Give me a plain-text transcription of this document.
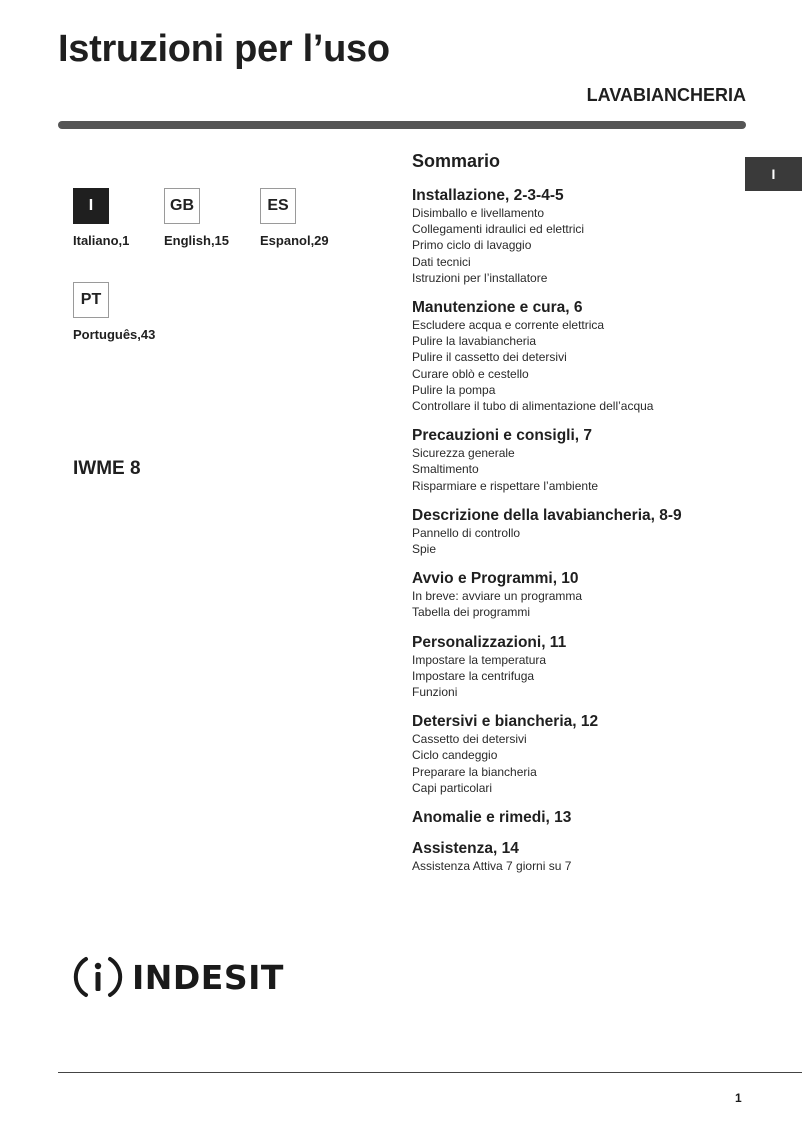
Istruzioni per l’uso
LAVABIANCHERIA
I
I
Italiano,1
GB
English,15
ES
Espanol,29
PT
Português,43
IWME 8
Sommario
Installazione, 2-3-4-5
Disimballo e livellamento
Collegamenti idraulici ed elettrici
Primo ciclo di lavaggio
Dati tecnici
Istruzioni per l’installatore
Manutenzione e cura, 6
Escludere acqua e corrente elettrica
Pulire la lavabiancheria
Pulire il cassetto dei detersivi
Curare oblò e cestello
Pulire la pompa
Controllare il tubo di alimentazione dell’acqua
Precauzioni e consigli, 7
Sicurezza generale
Smaltimento
Risparmiare e rispettare l’ambiente
Descrizione della lavabiancheria, 8-9
Pannello di controllo
Spie
Avvio e Programmi, 10
In breve: avviare un programma
Tabella dei programmi
Personalizzazioni, 11
Impostare la temperatura
Impostare la centrifuga
Funzioni
Detersivi e biancheria, 12
Cassetto dei detersivi
Ciclo candeggio
Preparare la biancheria
Capi particolari
Anomalie e rimedi, 13
Assistenza, 14
Assistenza Attiva 7 giorni su 7
INDESIT
1
